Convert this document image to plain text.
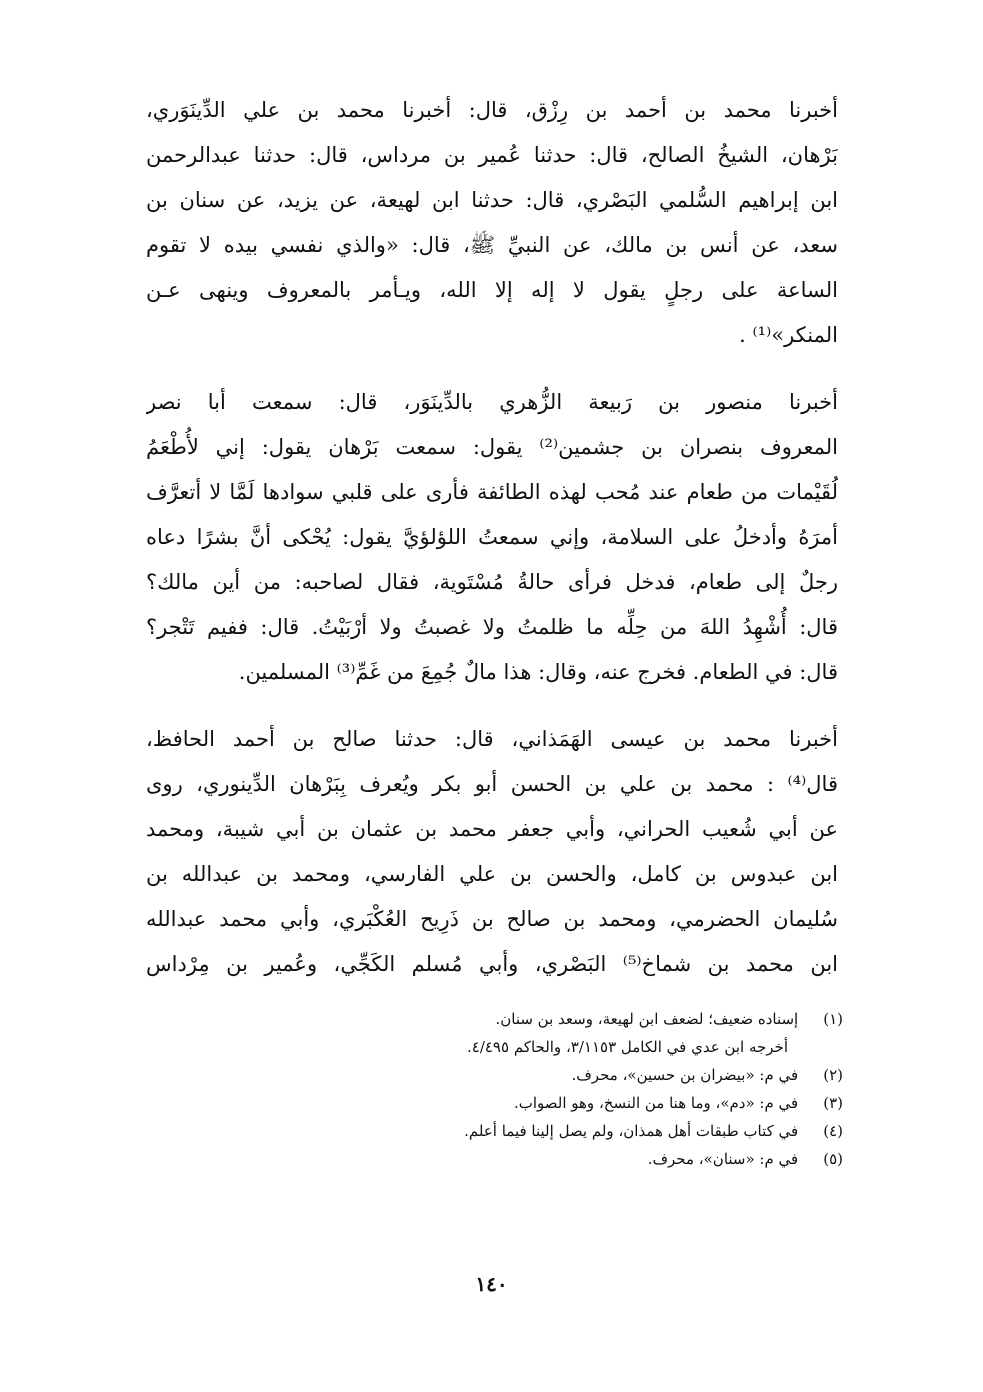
أخبرنا محمد بن أحمد بن رِزْق، قال: أخبرنا محمد بن علي الدِّينَوَري،
بَرْهان، الشيخُ الصالح، قال: حدثنا عُمير بن مرداس، قال: حدثنا عبدالرحمن
ابن إبراهيم السُّلمي البَصْري، قال: حدثنا ابن لهيعة، عن يزيد، عن سنان بن
سعد، عن أنس بن مالك، عن النبيِّ ﷺ، قال: «والذي نفسي بيده لا تقوم
الساعة على رجلٍ يقول لا إله إلا الله، ويـأمر بالمعروف وينهى عـن
المنكر»⁽¹⁾ .
أخبرنا منصور بن رَبيعة الزُّهري بالدِّينَوَر، قال: سمعت أبا نصر
المعروف بنصران بن جشمين⁽²⁾ يقول: سمعت بَرْهان يقول: إني لأُطْعَمُ
لُقَيْمات من طعام عند مُحب لهذه الطائفة فأرى على قلبي سوادها لَمَّا لا أتعرَّف
أمرَهُ وأدخلُ على السلامة، وإني سمعتُ اللؤلؤيَّ يقول: يُحْكى أنَّ بشرًا دعاه
رجلٌ إلى طعام، فدخل فرأى حالةُ مُسْتَوية، فقال لصاحبه: من أين مالك؟
قال: أُشْهِدُ اللهَ من حِلِّه ما ظلمتُ ولا غصبتُ ولا أرْبَيْتُ. قال: ففيم تَتْجر؟
قال: في الطعام. فخرج عنه، وقال: هذا مالٌ جُمِعَ من غَمِّ⁽³⁾ المسلمين.
أخبرنا محمد بن عيسى الهَمَذاني، قال: حدثنا صالح بن أحمد الحافظ،
قال⁽⁴⁾ : محمد بن علي بن الحسن أبو بكر ويُعرف بِبَرْهان الدِّينوري، روى
عن أبي شُعيب الحراني، وأبي جعفر محمد بن عثمان بن أبي شيبة، ومحمد
ابن عبدوس بن كامل، والحسن بن علي الفارسي، ومحمد بن عبدالله بن
سُليمان الحضرمي، ومحمد بن صالح بن ذَرِيح العُكْبَري، وأبي محمد عبدالله
ابن محمد بن شماخ⁽⁵⁾ البَصْري، وأبي مُسلم الكَجِّي، وعُمير بن مِرْداس
(١) إسناده ضعيف؛ لضعف ابن لهيعة، وسعد بن سنان.
أخرجه ابن عدي في الكامل ٣/١١٥٣، والحاكم ٤/٤٩٥.
(٢) في م: «بيضران بن حسين»، محرف.
(٣) في م: «دم»، وما هنا من النسخ، وهو الصواب.
(٤) في كتاب طبقات أهل همذان، ولم يصل إلينا فيما أعلم.
(٥) في م: «سنان»، محرف.
١٤٠
